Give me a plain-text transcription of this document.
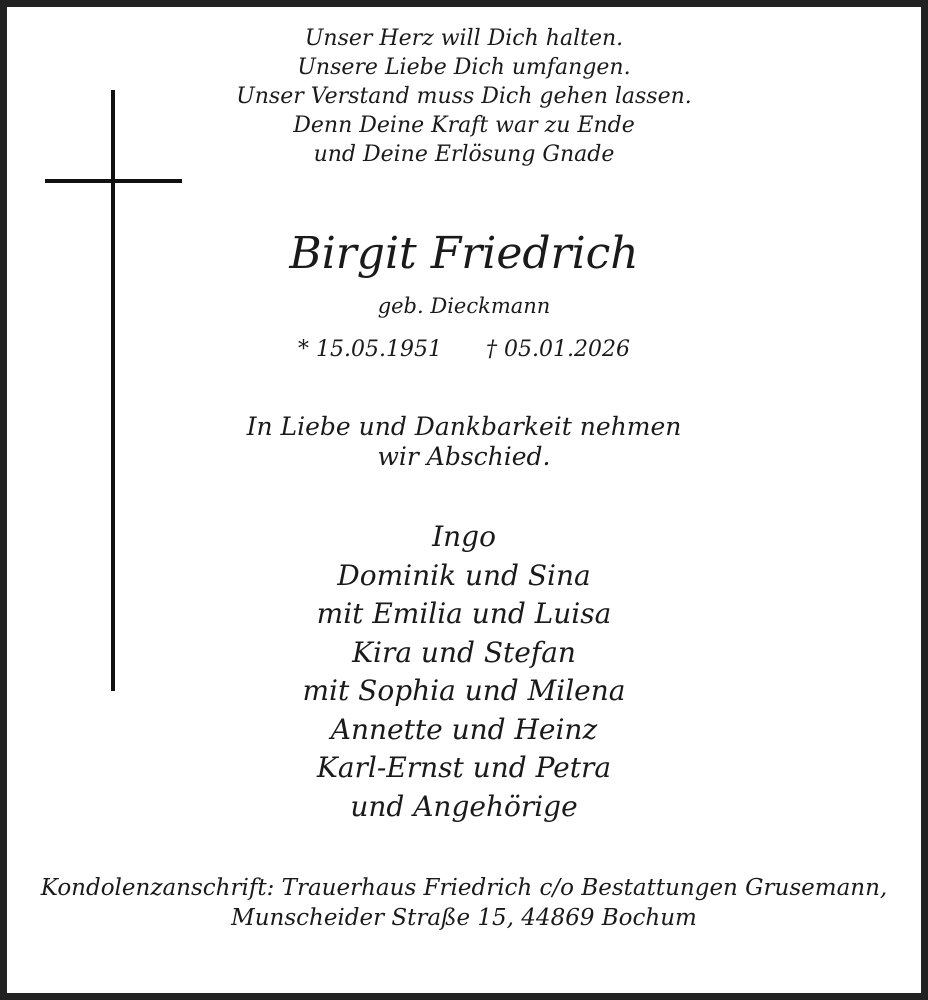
Unser Herz will Dich halten.
Unsere Liebe Dich umfangen.
Unser Verstand muss Dich gehen lassen.
Denn Deine Kraft war zu Ende
und Deine Erlösung Gnade
Birgit Friedrich
geb. Dieckmann
* 15.05.1951 † 05.01.2026
In Liebe und Dankbarkeit nehmen
wir Abschied.
Ingo
Dominik und Sina
mit Emilia und Luisa
Kira und Stefan
mit Sophia und Milena
Annette und Heinz
Karl-Ernst und Petra
und Angehörige
Kondolenzanschrift: Trauerhaus Friedrich c/o Bestattungen Grusemann,
Munscheider Straße 15, 44869 Bochum
